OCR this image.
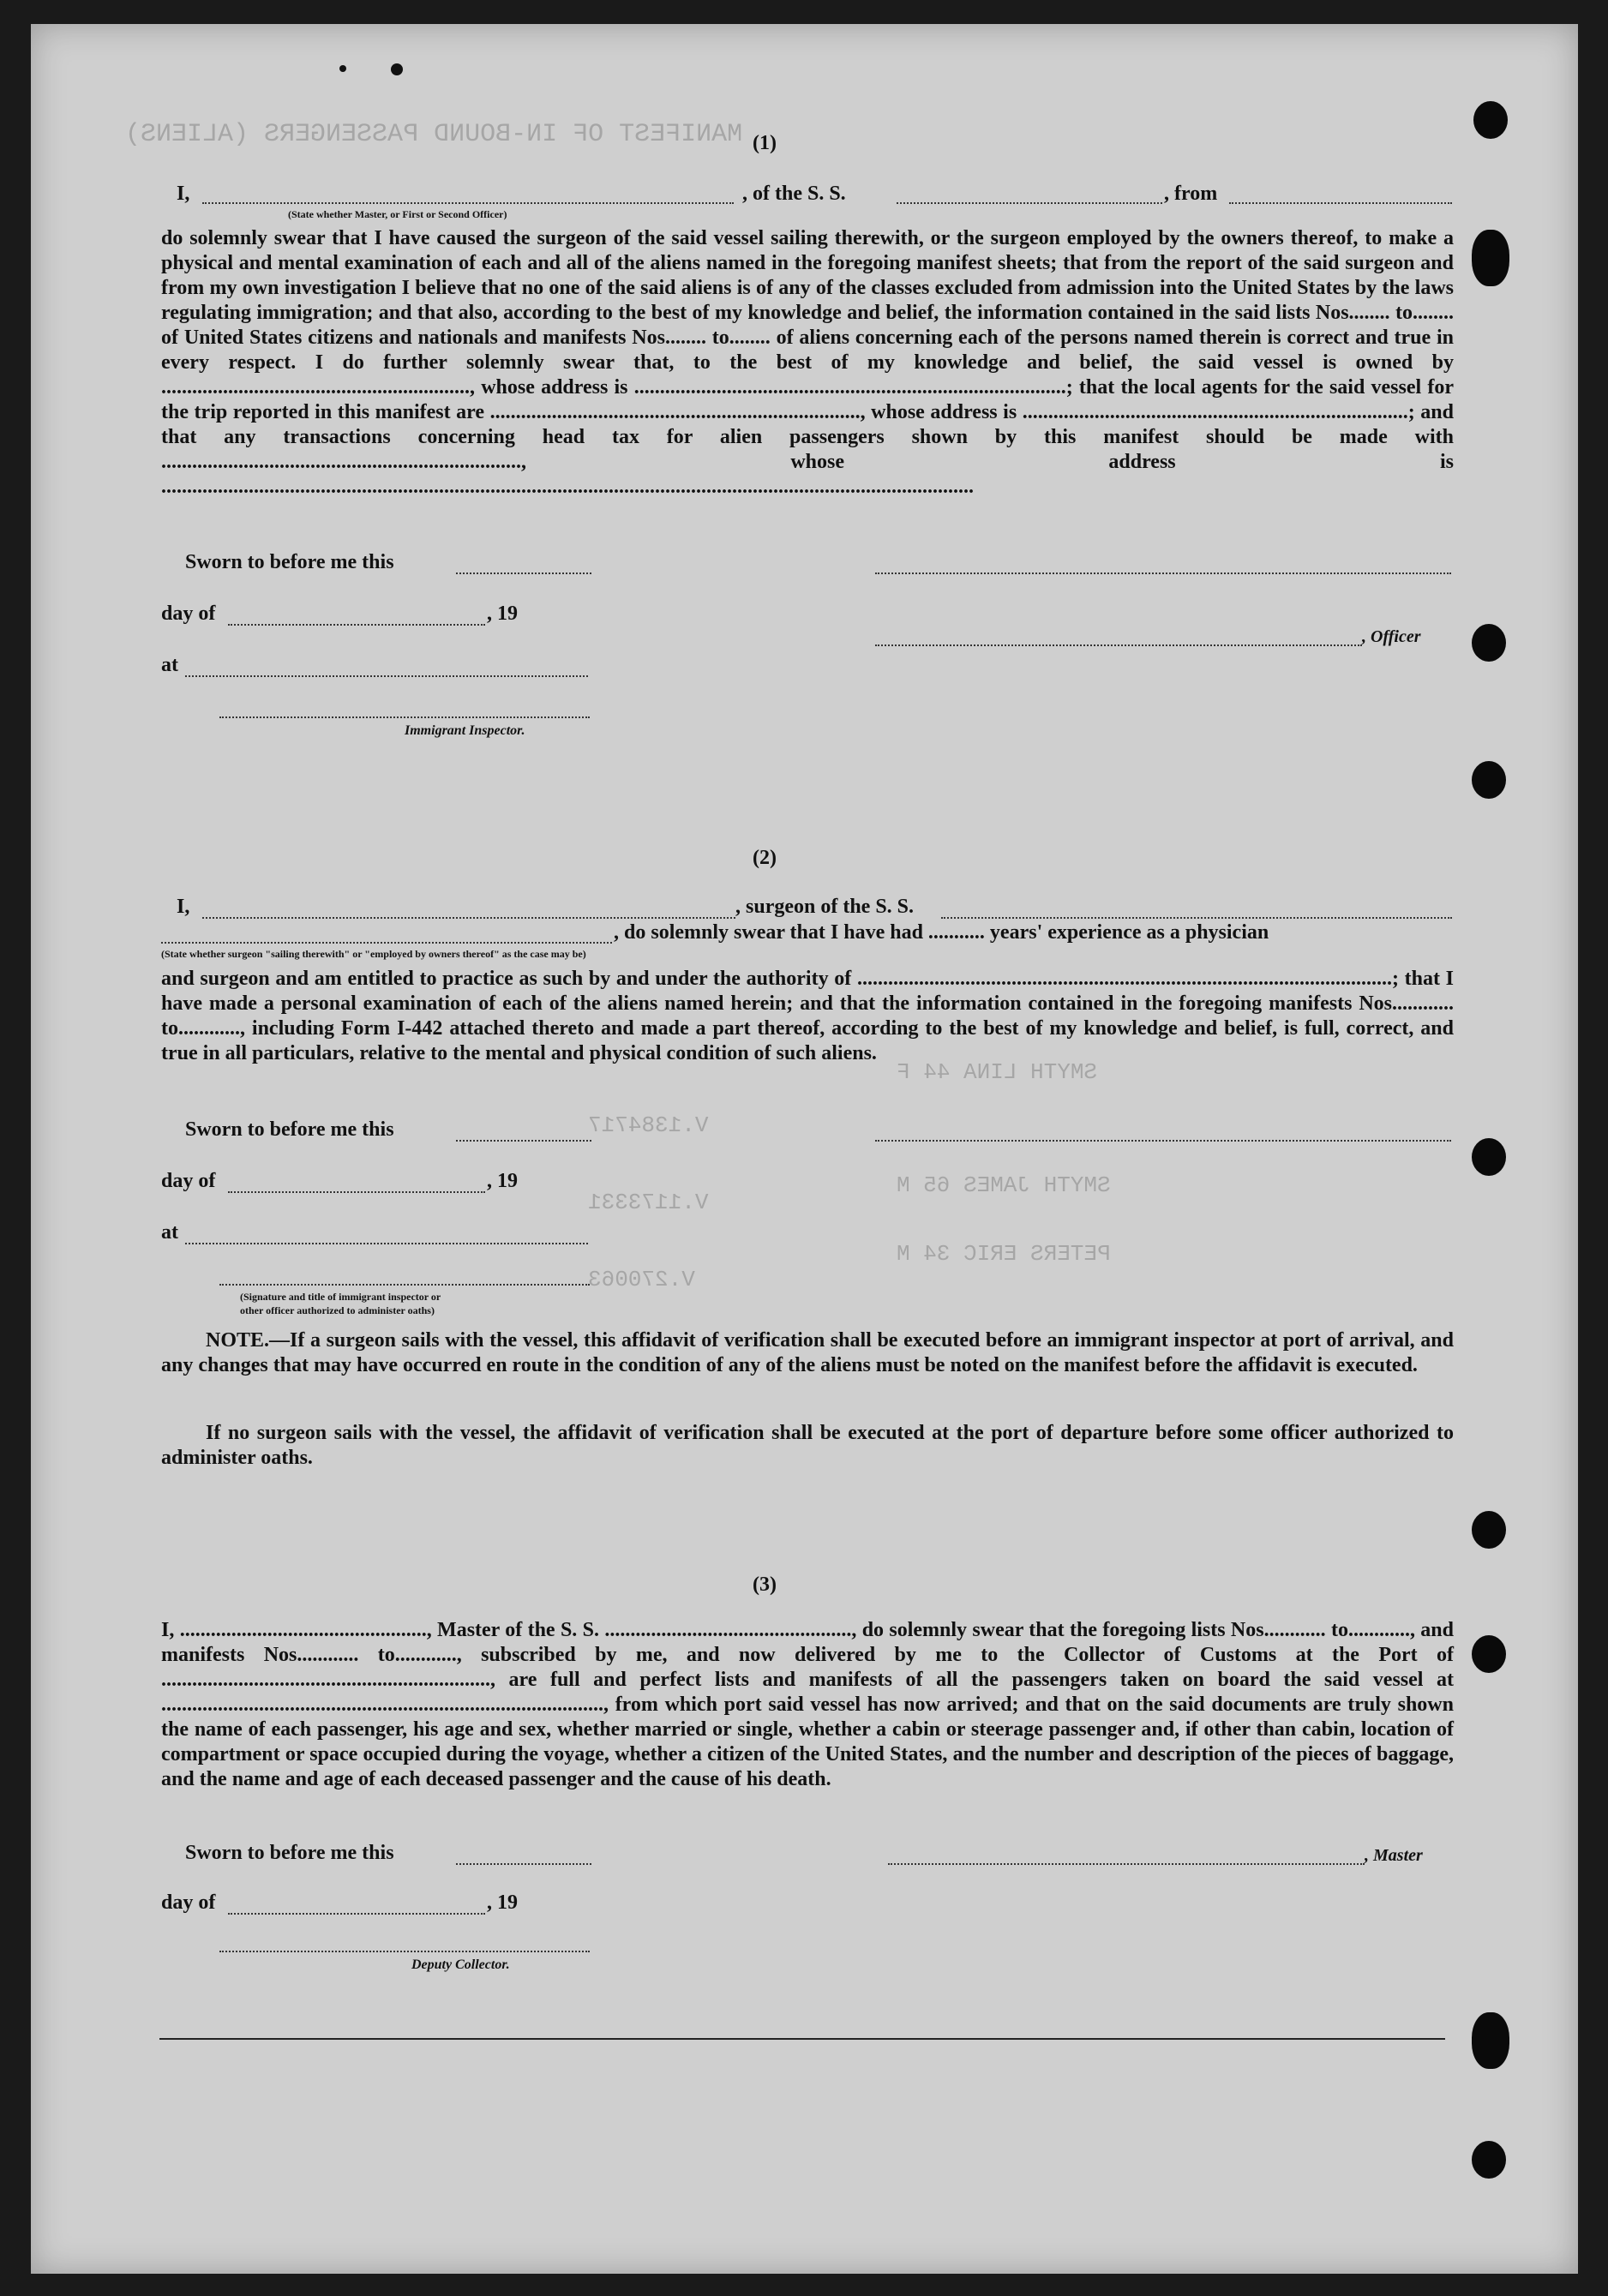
MANIFEST OF IN-BOUND PASSENGERS (ALIENS)
SMYTH LINA 44 F
SMYTH JAMES 65 M
PETERS ERIC 34 M
V.1384717
V.1173331
V.270063
(1)
I,
(State whether Master, or First or Second Officer)
, of the S. S.	, from
do solemnly swear that I have caused the surgeon of the said vessel sailing therewith, or the surgeon employed by the owners thereof, to make a physical and mental examination of each and all of the aliens named in the foregoing manifest sheets; that from the report of the said surgeon and from my own investigation I believe that no one of the said aliens is of any of the classes excluded from admission into the United States by the laws regulating immigration; and that also, according to the best of my knowledge and belief, the information contained in the said lists Nos........ to........ of United States citizens and nationals and manifests Nos........ to........ of aliens concerning each of the persons named therein is correct and true in every respect. I do further solemnly swear that, to the best of my knowledge and belief, the said vessel is owned by ............................................................, whose address is ....................................................................................; that the local agents for the said vessel for the trip reported in this manifest are ........................................................................, whose address is ...........................................................................; and that any transactions concerning head tax for alien passengers shown by this manifest should be made with ......................................................................, whose address is ..............................................................................................................................................................
Sworn to before me this
day of	, 19
, Officer
at
Immigrant Inspector.
(2)
I,	, surgeon of the S. S.
, do solemnly swear that I have had ........... years' experience as a physician
(State whether surgeon "sailing therewith" or "employed by owners thereof" as the case may be)
and surgeon and am entitled to practice as such by and under the authority of ........................................................................................................; that I have made a personal examination of each of the aliens named herein; and that the information contained in the foregoing manifests Nos............ to............, including Form I-442 attached thereto and made a part thereof, according to the best of my knowledge and belief, is full, correct, and true in all particulars, relative to the mental and physical condition of such aliens.
Sworn to before me this
day of	, 19
at
(Signature and title of immigrant inspector or
other officer authorized to administer oaths)
NOTE.—If a surgeon sails with the vessel, this affidavit of verification shall be executed before an immigrant inspector at port of arrival, and any changes that may have occurred en route in the condition of any of the aliens must be noted on the manifest before the affidavit is executed.
If no surgeon sails with the vessel, the affidavit of verification shall be executed at the port of departure before some officer authorized to administer oaths.
(3)
I, ................................................, Master of the S. S. ................................................, do solemnly swear that the foregoing lists Nos............ to............, and manifests Nos............ to............, subscribed by me, and now delivered by me to the Collector of Customs at the Port of ................................................................, are full and perfect lists and manifests of all the passengers taken on board the said vessel at ......................................................................................, from which port said vessel has now arrived; and that on the said documents are truly shown the name of each passenger, his age and sex, whether married or single, whether a cabin or steerage passenger and, if other than cabin, location of compartment or space occupied during the voyage, whether a citizen of the United States, and the number and description of the pieces of baggage, and the name and age of each deceased passenger and the cause of his death.
Sworn to before me this	, Master
day of	, 19
Deputy Collector.
